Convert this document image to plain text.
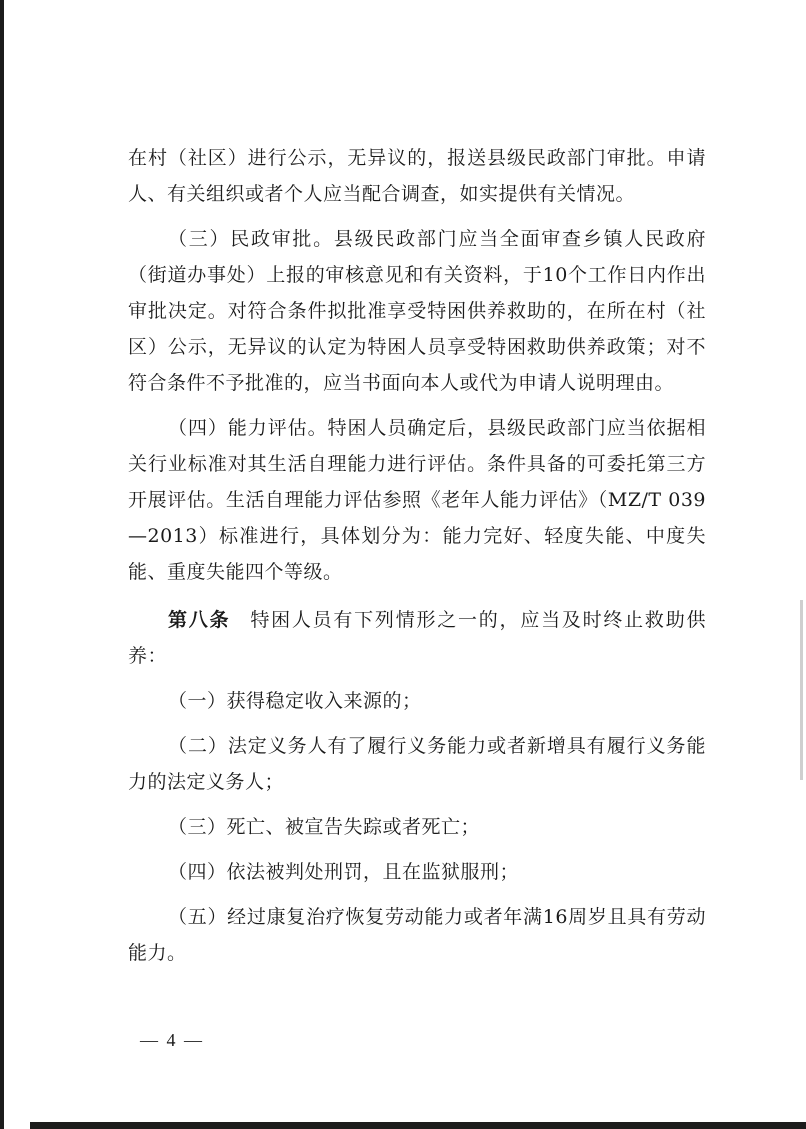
在村（社区）进行公示，无异议的，报送县级民政部门审批。申请人、有关组织或者个人应当配合调查，如实提供有关情况。

（三）民政审批。县级民政部门应当全面审查乡镇人民政府（街道办事处）上报的审核意见和有关资料，于10个工作日内作出审批决定。对符合条件拟批准享受特困供养救助的，在所在村（社区）公示，无异议的认定为特困人员享受特困救助供养政策；对不符合条件不予批准的，应当书面向本人或代为申请人说明理由。

（四）能力评估。特困人员确定后，县级民政部门应当依据相关行业标准对其生活自理能力进行评估。条件具备的可委托第三方开展评估。生活自理能力评估参照《老年人能力评估》（MZ/T 039—2013）标准进行，具体划分为：能力完好、轻度失能、中度失能、重度失能四个等级。

第八条 特困人员有下列情形之一的，应当及时终止救助供养：

（一）获得稳定收入来源的；

（二）法定义务人有了履行义务能力或者新增具有履行义务能力的法定义务人；

（三）死亡、被宣告失踪或者死亡；

（四）依法被判处刑罚，且在监狱服刑；

（五）经过康复治疗恢复劳动能力或者年满16周岁且具有劳动能力。

— 4 —
